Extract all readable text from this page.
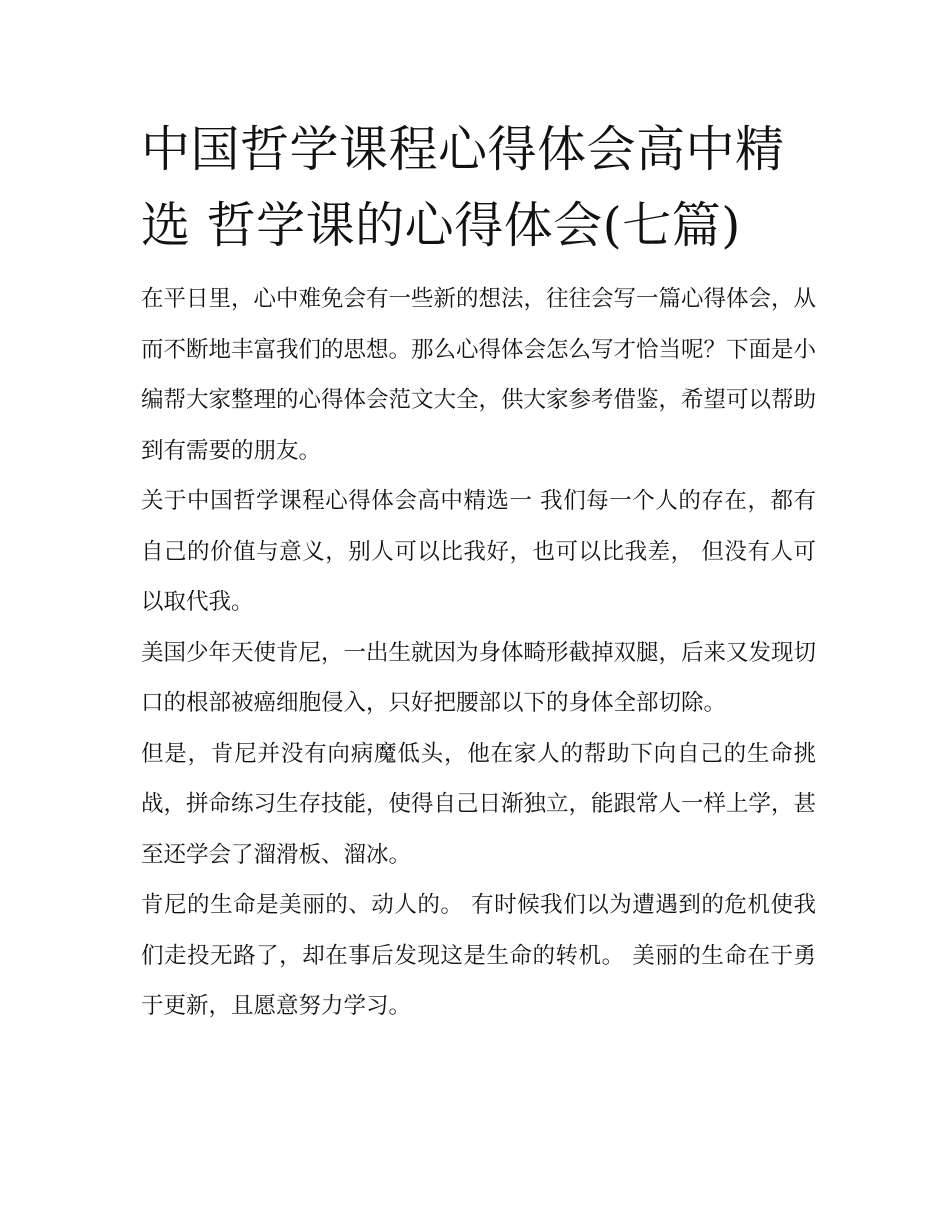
中国哲学课程心得体会高中精选 哲学课的心得体会(七篇)

在平日里，心中难免会有一些新的想法，往往会写一篇心得体会，从而不断地丰富我们的思想。那么心得体会怎么写才恰当呢？下面是小编帮大家整理的心得体会范文大全，供大家参考借鉴，希望可以帮助到有需要的朋友。

关于中国哲学课程心得体会高中精选一 我们每一个人的存在，都有自己的价值与意义，别人可以比我好，也可以比我差， 但没有人可以取代我。

美国少年天使肯尼，一出生就因为身体畸形截掉双腿，后来又发现切口的根部被癌细胞侵入，只好把腰部以下的身体全部切除。

但是，肯尼并没有向病魔低头，他在家人的帮助下向自己的生命挑战，拼命练习生存技能，使得自己日渐独立，能跟常人一样上学，甚至还学会了溜滑板、溜冰。

肯尼的生命是美丽的、动人的。 有时候我们以为遭遇到的危机使我们走投无路了，却在事后发现这是生命的转机。 美丽的生命在于勇于更新，且愿意努力学习。
